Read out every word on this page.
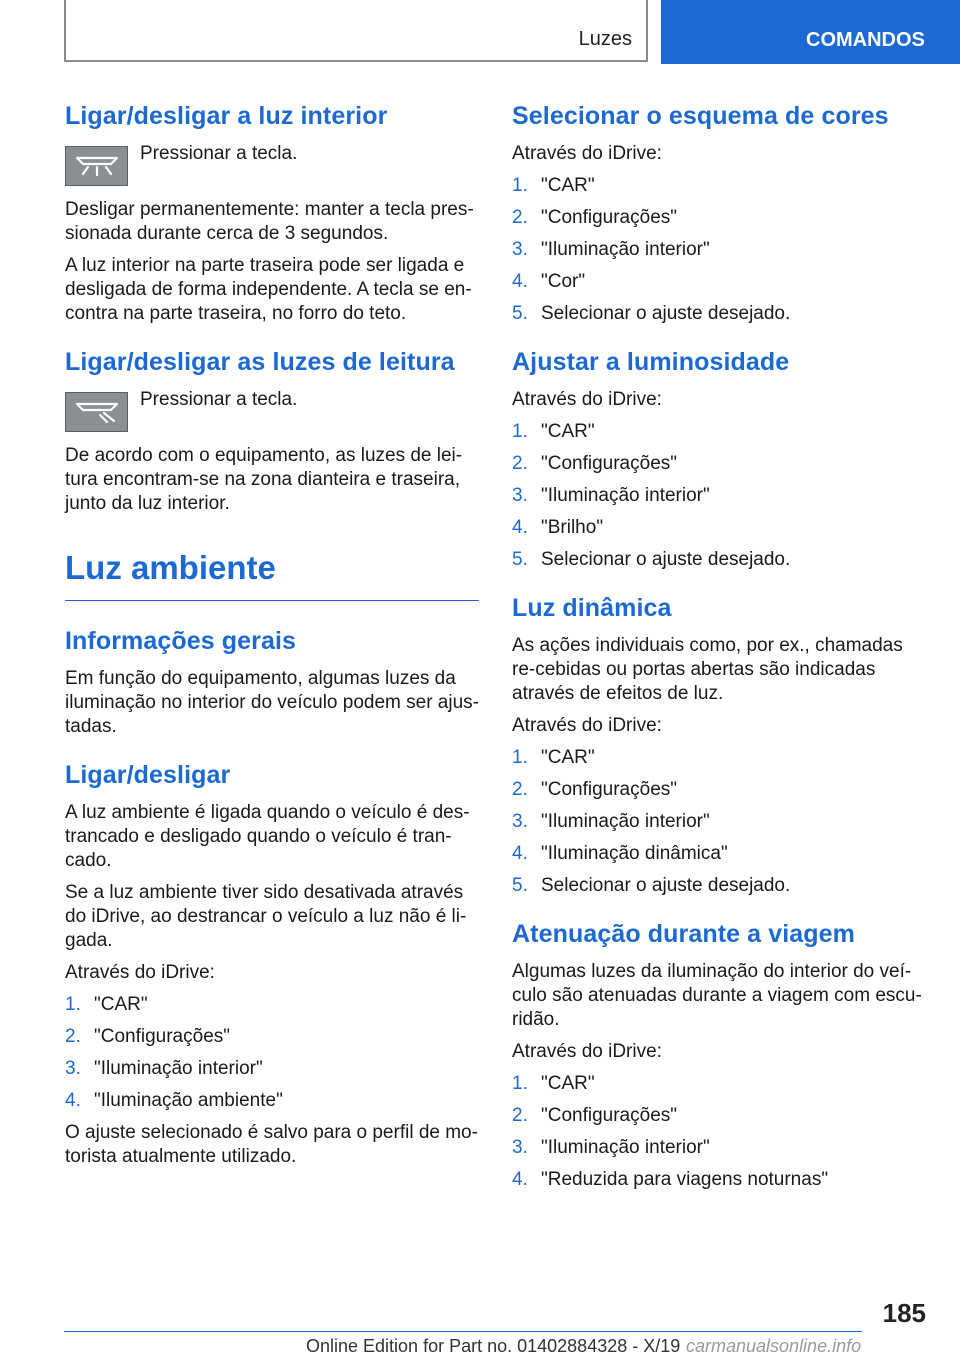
Luzes	COMANDOS
Ligar/desligar a luz interior

Pressionar a tecla.

Desligar permanentemente: manter a tecla pres-sionada durante cerca de 3 segundos.

A luz interior na parte traseira pode ser ligada e desligada de forma independente. A tecla se en-contra na parte traseira, no forro do teto.

Ligar/desligar as luzes de leitura

Pressionar a tecla.

De acordo com o equipamento, as luzes de lei-tura encontram-se na zona dianteira e traseira, junto da luz interior.

Luz ambiente
Informações gerais

Em função do equipamento, algumas luzes da iluminação no interior do veículo podem ser ajus-tadas.

Ligar/desligar

A luz ambiente é ligada quando o veículo é des-trancado e desligado quando o veículo é tran-cado.

Se a luz ambiente tiver sido desativada através do iDrive, ao destrancar o veículo a luz não é li-gada.

Através do iDrive:

1. "CAR"
2. "Configurações"
3. "Iluminação interior"
4. "Iluminação ambiente"

O ajuste selecionado é salvo para o perfil de mo-torista atualmente utilizado.

Selecionar o esquema de cores

Através do iDrive:

1. "CAR"
2. "Configurações"
3. "Iluminação interior"
4. "Cor"
5. Selecionar o ajuste desejado.
Ajustar a luminosidade

Através do iDrive:

1. "CAR"
2. "Configurações"
3. "Iluminação interior"
4. "Brilho"
5. Selecionar o ajuste desejado.
Luz dinâmica

As ações individuais como, por ex., chamadas re-cebidas ou portas abertas são indicadas através de efeitos de luz.

Através do iDrive:

1. "CAR"
2. "Configurações"
3. "Iluminação interior"
4. "Iluminação dinâmica"
5. Selecionar o ajuste desejado.
Atenuação durante a viagem

Algumas luzes da iluminação do interior do veí-culo são atenuadas durante a viagem com escu-ridão.

Através do iDrive:

1. "CAR"
2. "Configurações"
3. "Iluminação interior"
4. "Reduzida para viagens noturnas"
185
Online Edition for Part no. 01402884328 - X/19 carmanualsonline.info
